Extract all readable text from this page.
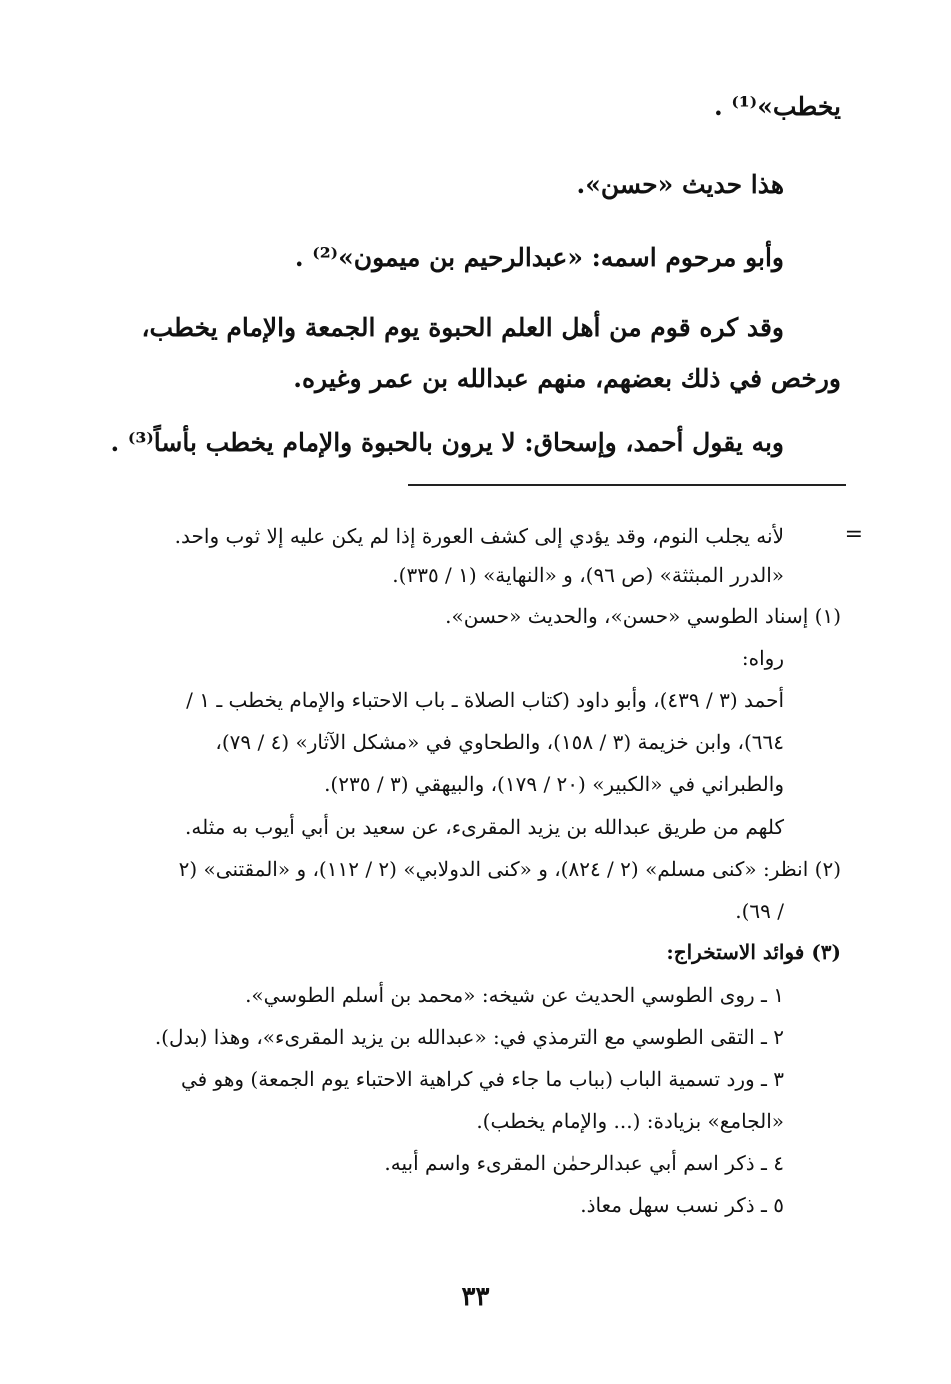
يخطب»⁽¹⁾ .
هذا حديث «حسن».
وأبو مرحوم اسمه: «عبدالرحيم بن ميمون»⁽²⁾ .
وقد كره قوم من أهل العلم الحبوة يوم الجمعة والإمام يخطب،
ورخص في ذلك بعضهم، منهم عبدالله بن عمر وغيره.
وبه يقول أحمد، وإسحاق: لا يرون بالحبوة والإمام يخطب بأساً⁽³⁾ .
=
لأنه يجلب النوم، وقد يؤدي إلى كشف العورة إذا لم يكن عليه إلا ثوب واحد.
«الدرر المبثثة» (ص ٩٦)، و «النهاية» (١ / ٣٣٥).
(١) إسناد الطوسي «حسن»، والحديث «حسن».
رواه:
أحمد (٣ / ٤٣٩)، وأبو داود (كتاب الصلاة ـ باب الاحتباء والإمام يخطب ـ ١ /
٦٦٤)، وابن خزيمة (٣ / ١٥٨)، والطحاوي في «مشكل الآثار» (٤ / ٧٩)،
والطبراني في «الكبير» (٢٠ / ١٧٩)، والبيهقي (٣ / ٢٣٥).
كلهم من طريق عبدالله بن يزيد المقرىء، عن سعيد بن أبي أيوب به مثله.
(٢) انظر: «كنى مسلم» (٢ / ٨٢٤)، و «كنى الدولابي» (٢ / ١١٢)، و «المقتنى» (٢
/ ٦٩).
(٣) فوائد الاستخراج:
١ ـ روى الطوسي الحديث عن شيخه: «محمد بن أسلم الطوسي».
٢ ـ التقى الطوسي مع الترمذي في: «عبدالله بن يزيد المقرىء»، وهذا (بدل).
٣ ـ ورد تسمية الباب (بباب ما جاء في كراهية الاحتباء يوم الجمعة) وهو في
«الجامع» بزيادة: (... والإمام يخطب).
٤ ـ ذكر اسم أبي عبدالرحمٰن المقرىء واسم أبيه.
٥ ـ ذكر نسب سهل معاذ.
٣٣
